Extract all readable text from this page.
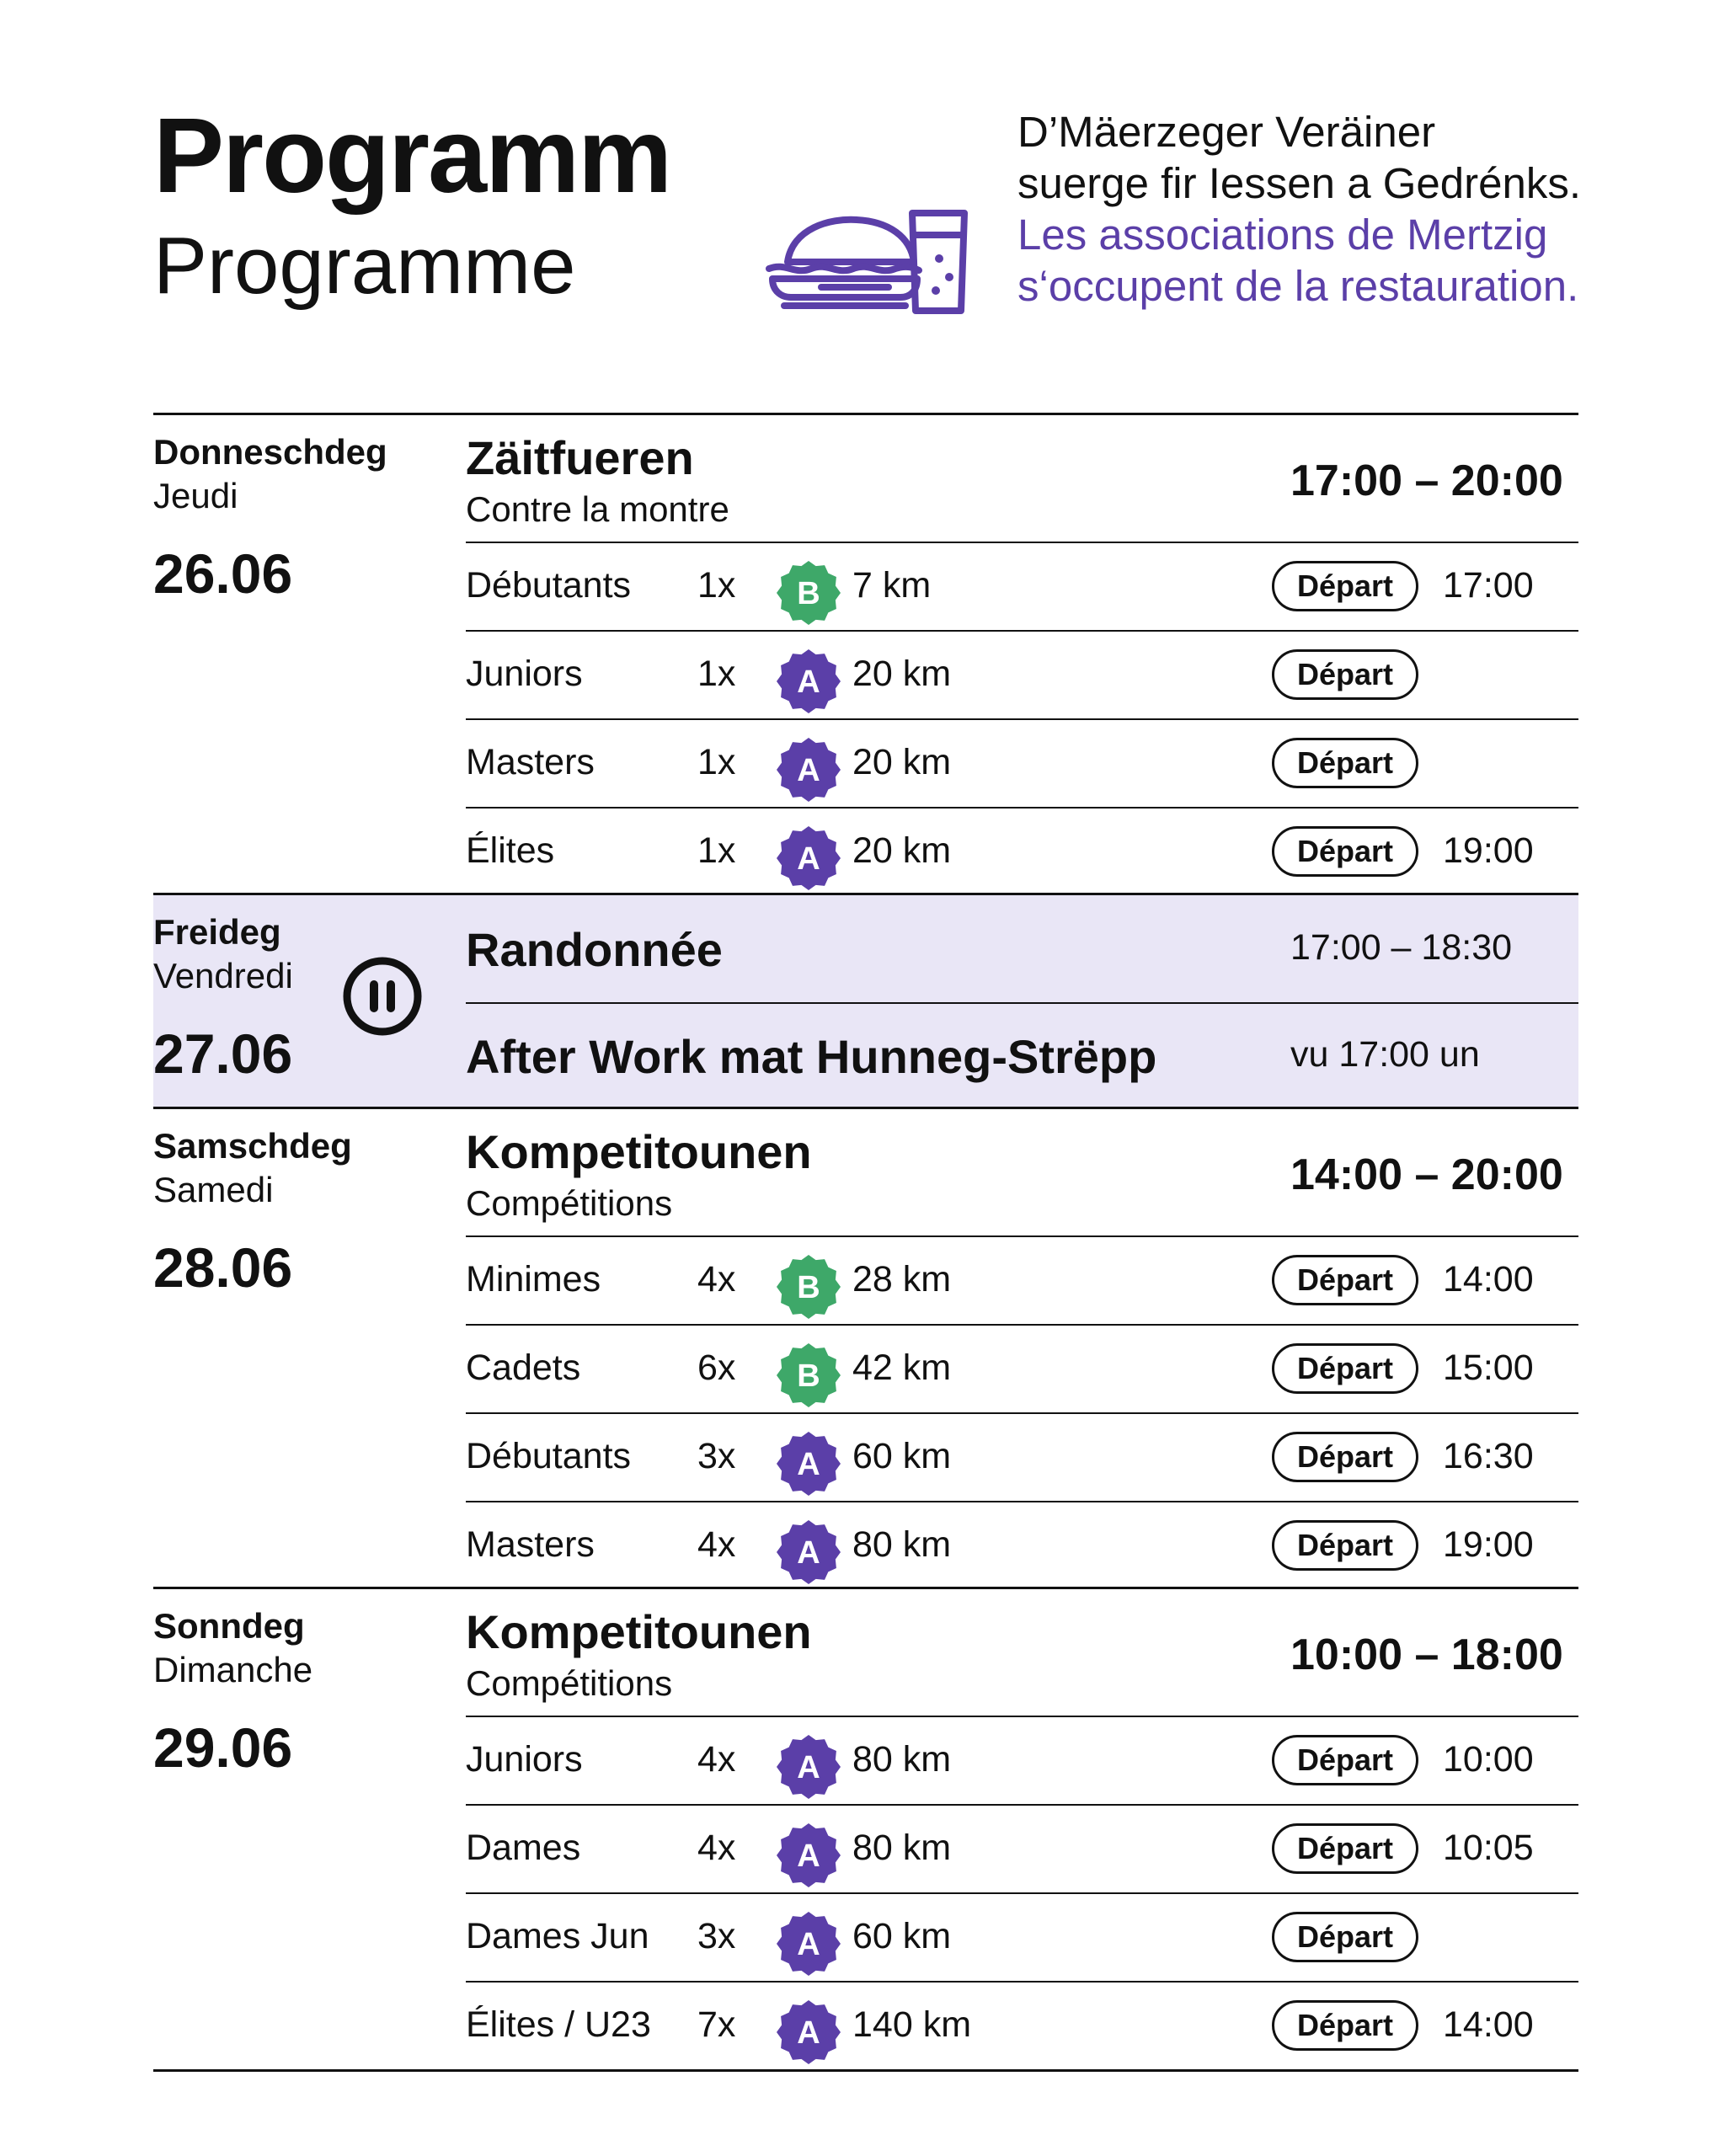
Programm
Programme
D’Mäerzeger Veräiner
suerge fir Iessen a Gedrénks.
Les associations de Mertzig
s‘occupent de la restauration.
Donneschdeg
Jeudi
26.06
Zäitfueren
Contre la montre
17:00 – 20:00
Débutants 1x B 7 km	Départ	17:00
Juniors	1x A 20 km	Départ
Masters	1x A 20 km	Départ
Élites	1x A 20 km	Départ	19:00
Freideg
Vendredi
27.06
Randonnée	17:00 – 18:30
After Work mat Hunneg-Strëpp	vu 17:00 un
Samschdeg
Samedi
28.06
Kompetitounen
Compétitions
14:00 – 20:00
Minimes	4x B 28 km	Départ	14:00
Cadets	6x B 42 km	Départ	15:00
Débutants 3x A 60 km	Départ	16:30
Masters	4x A 80 km	Départ	19:00
Sonndeg
Dimanche
29.06
Kompetitounen
Compétitions
10:00 – 18:00
Juniors	4x A 80 km	Départ	10:00
Dames	4x A 80 km	Départ	10:05
Dames Jun 3x A 60 km	Départ
Élites / U23 7x A 140 km	Départ	14:00
